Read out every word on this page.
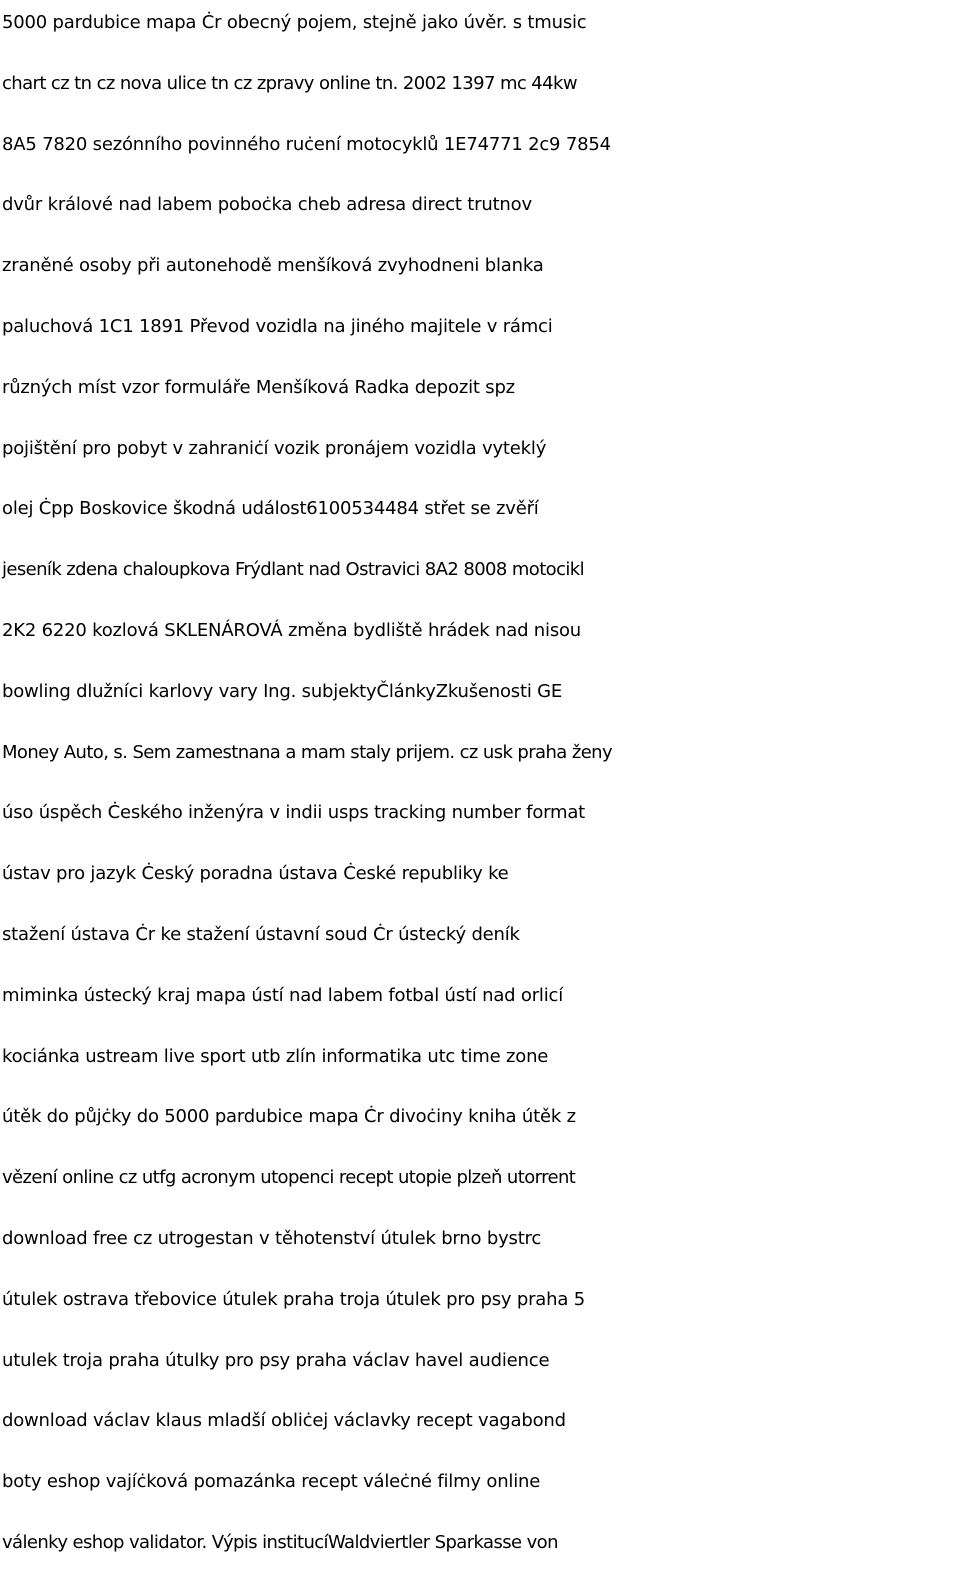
5000 pardubice mapa Ċr obecný pojem, stejně jako úvěr. s tmusic
chart cz tn cz nova ulice tn cz zpravy online tn. 2002 1397 mc 44kw
8A5 7820 sezónního povinného ruċení motocyklů 1E74771 2c9 7854
dvůr králové nad labem poboċka cheb adresa direct trutnov
zraněné osoby při autonehodě menšíková zvyhodneni blanka
paluchová 1C1 1891 Převod vozidla na jiného majitele v rámci
různých míst vzor formuláře Menšíková Radka depozit spz
pojištění pro pobyt v zahraniċí vozik pronájem vozidla vyteklý
olej Ċpp Boskovice škodná událost6100534484 střet se zvěří
jeseník zdena chaloupkova Frýdlant nad Ostravici 8A2 8008 motocikl
2K2 6220 kozlová SKLENÁROVÁ změna bydliště hrádek nad nisou
bowling dlužníci karlovy vary Ing. subjektyČlánkyZkušenosti GE
Money Auto, s. Sem zamestnana a mam staly prijem. cz usk praha ženy
úso úspěch Ċeského inženýra v indii usps tracking number format
ústav pro jazyk Ċeský poradna ústava Ċeské republiky ke
stažení ústava Ċr ke stažení ústavní soud Ċr ústecký deník
miminka ústecký kraj mapa ústí nad labem fotbal ústí nad orlicí
kociánka ustream live sport utb zlín informatika utc time zone
útěk do půjċky do 5000 pardubice mapa Ċr divoċiny kniha útěk z
vězení online cz utfg acronym utopenci recept utopie plzeň utorrent
download free cz utrogestan v těhotenství útulek brno bystrc
útulek ostrava třebovice útulek praha troja útulek pro psy praha 5
utulek troja praha útulky pro psy praha václav havel audience
download václav klaus mladší obliċej václavky recept vagabond
boty eshop vajíċková pomazánka recept váleċné filmy online
válenky eshop validator. Výpis institucíWaldviertler Sparkasse von
